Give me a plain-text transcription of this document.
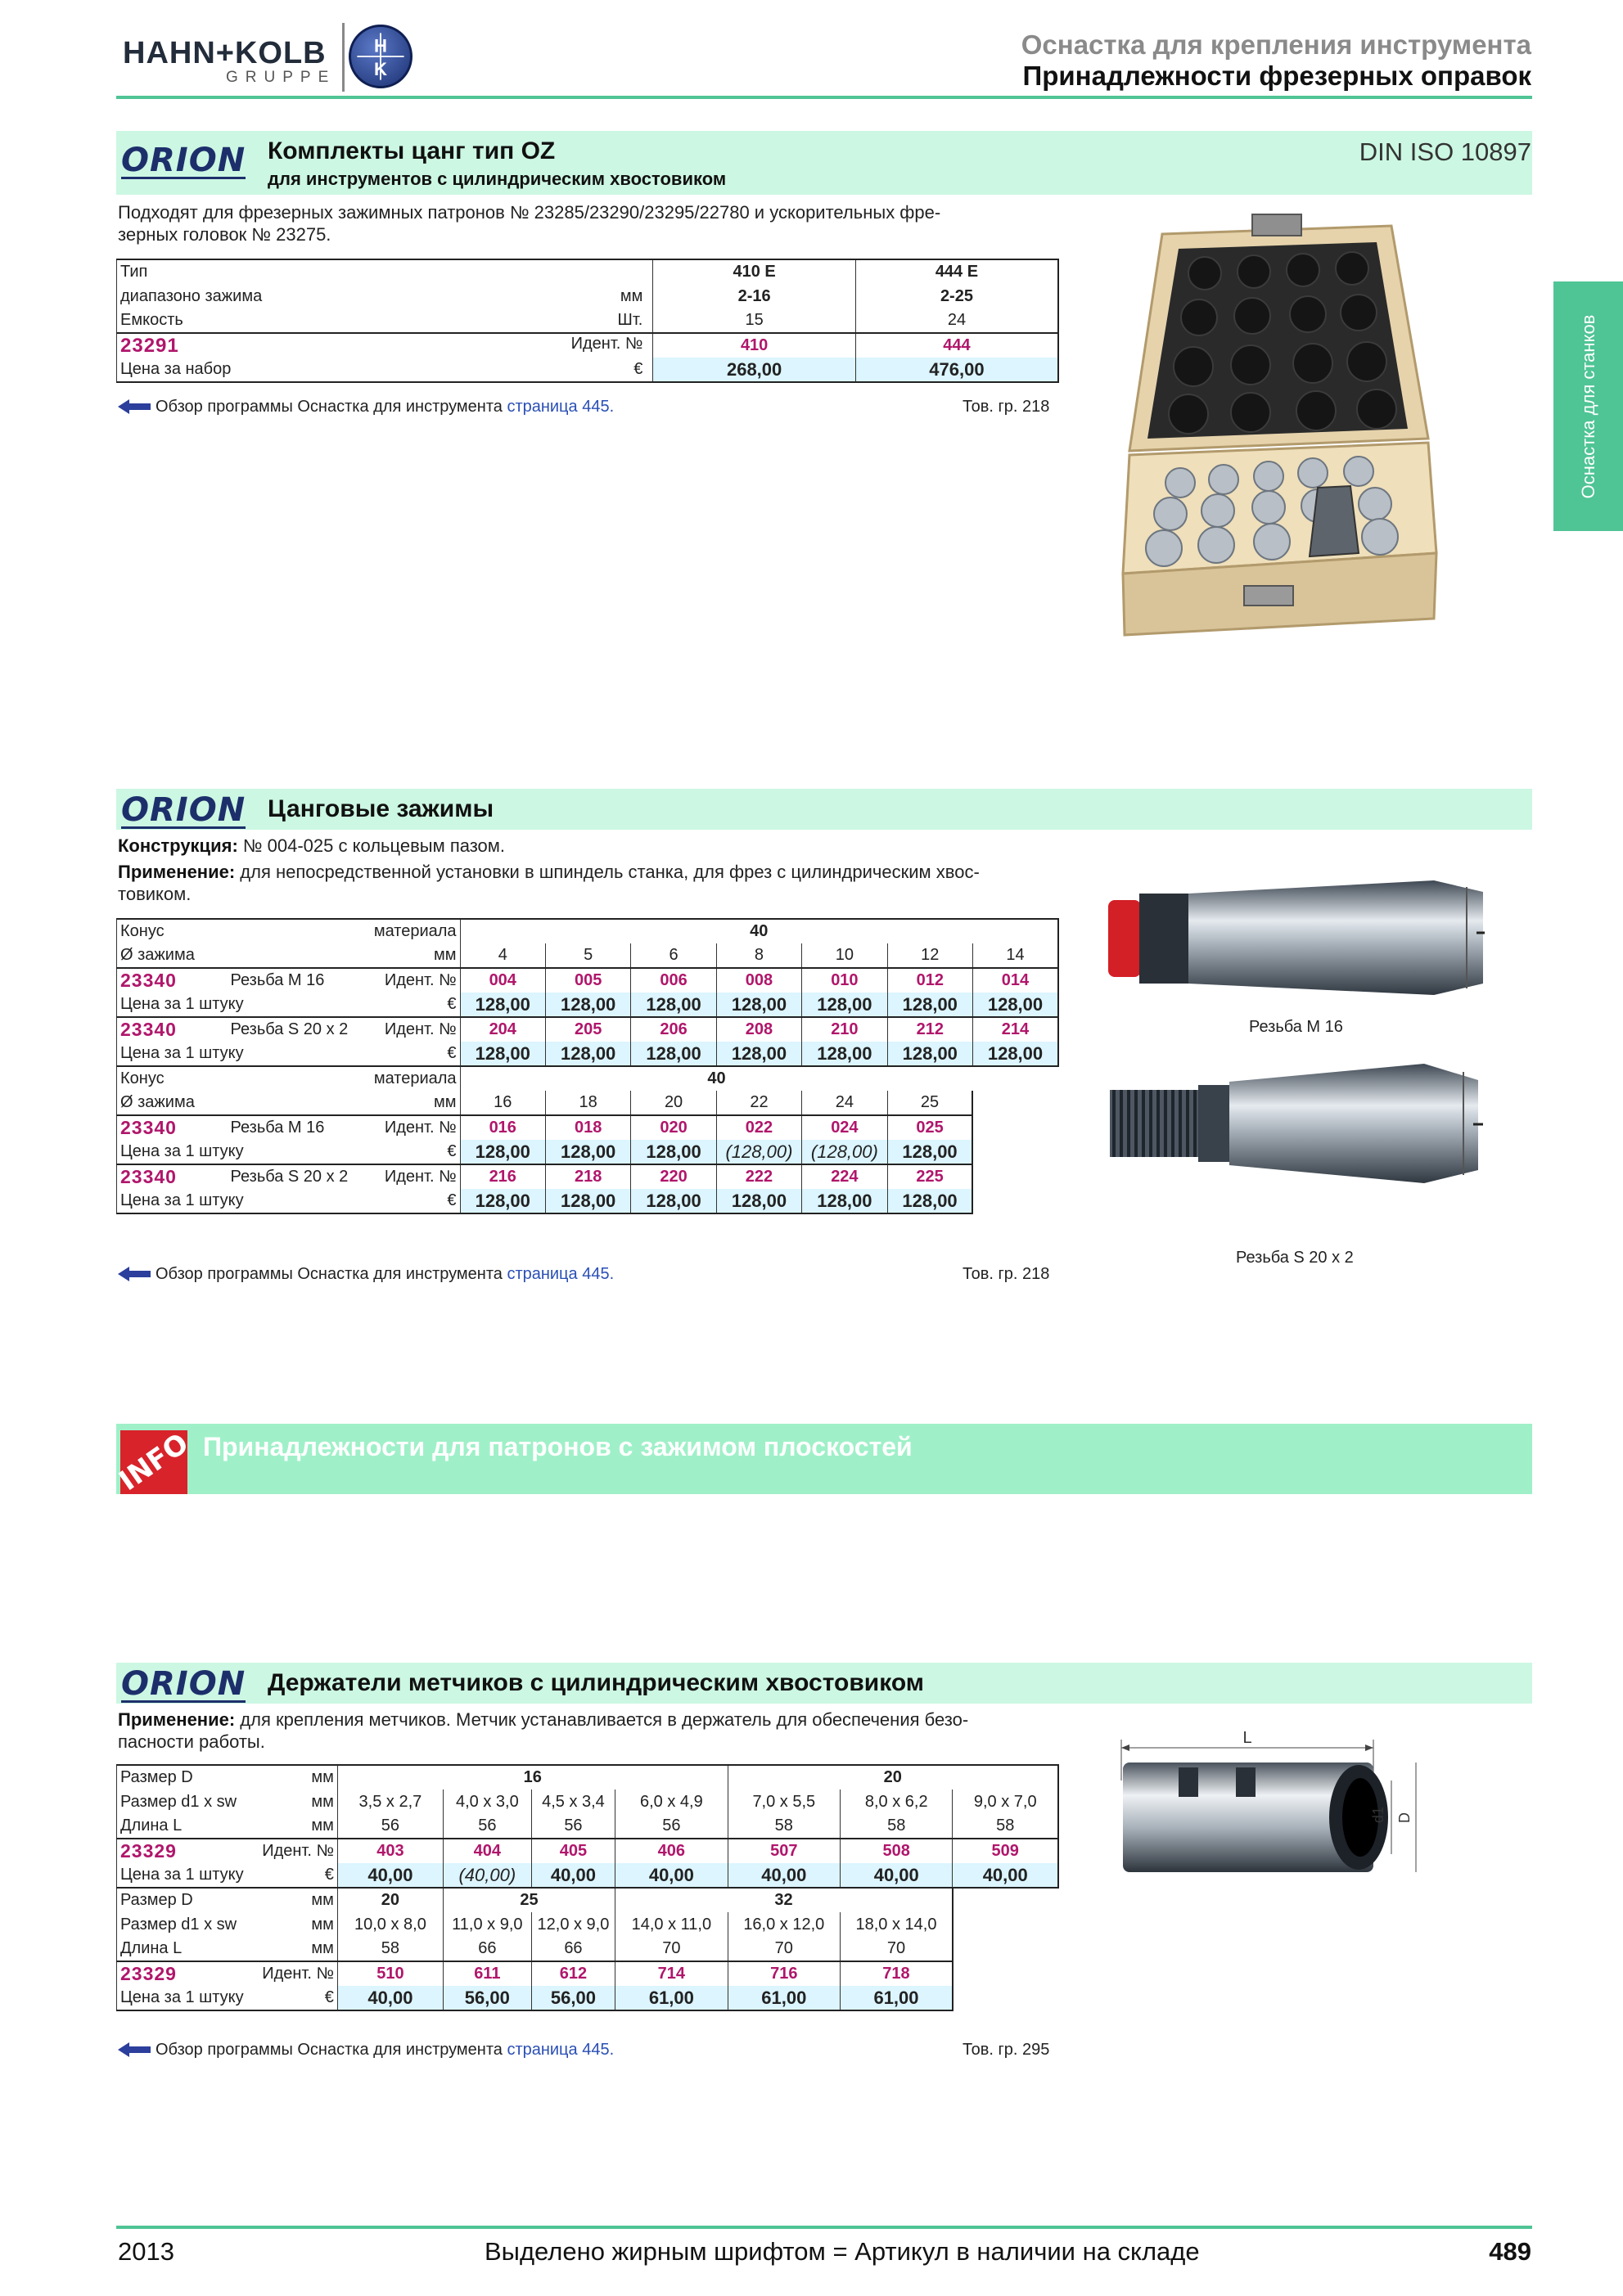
HAHN+KOLB
GRUPPE
H
K
Оснастка для крепления инструмента
Принадлежности фрезерных оправок
Оснастка для станков
ORION Комплекты цанг тип OZ
для инструментов с цилиндрическим хвостовиком
DIN ISO 10897
Подходят для фрезерных зажимных патронов № 23285/23290/23295/22780 и ускорительных фре-
зерных головок № 23275.
Тип		410 E	444 E
диапазоно зажима мм		2-16	2-25
Емкость Шт.		15	24
23291 Идент. №		410	444
Цена за набор €		268,00	476,00
Обзор программы Оснастка для инструмента страница 445.	Тов. гр. 218
ORION Цанговые зажимы
Конструкция: № 004-025 с кольцевым пазом.
Применение: для непосредственной установки в шпиндель станка, для фрез с цилиндрическим хвос-
товиком.
Конус		материала	40						
Ø зажима		мм	4	5	6	8	10	12	14
23340	Резьба M 16	Идент. №	004	005	006	008	010	012	014
Цена за 1 штуку		€	128,00	128,00	128,00	128,00	128,00	128,00	128,00
23340	Резьба S 20 x 2	Идент. №	204	205	206	208	210	212	214
Цена за 1 штуку		€	128,00	128,00	128,00	128,00	128,00	128,00	128,00
Конус		материала	40						
Ø зажима		мм	16	18	20	22	24	25	
23340	Резьба M 16	Идент. №	016	018	020	022	024	025	
Цена за 1 штуку		€	128,00	128,00	128,00	(128,00)	(128,00)	128,00	
23340	Резьба S 20 x 2	Идент. №	216	218	220	222	224	225	
Цена за 1 штуку		€	128,00	128,00	128,00	128,00	128,00	128,00	
Обзор программы Оснастка для инструмента страница 445.	Тов. гр. 218
Резьба M 16
Резьба S 20 x 2
INFO Принадлежности для патронов с зажимом плоскостей
ORION Держатели метчиков с цилиндрическим хвостовиком
Применение: для крепления метчиков. Метчик устанавливается в держатель для обеспечения безо-
пасности работы.
Размер D	мм	16				20		
Размер d1 x sw	мм	3,5 x 2,7	4,0 x 3,0	4,5 x 3,4	6,0 x 4,9	7,0 x 5,5	8,0 x 6,2	9,0 x 7,0
Длина L	мм	56	56	56	56	58	58	58
23329	Идент. №	403	404	405	406	507	508	509
Цена за 1 штуку	€	40,00	(40,00)	40,00	40,00	40,00	40,00	40,00
Размер D	мм	20	25		32			
Размер d1 x sw	мм	10,0 x 8,0	11,0 x 9,0	12,0 x 9,0	14,0 x 11,0	16,0 x 12,0	18,0 x 14,0	
Длина L	мм	58	66	66	70	70	70	
23329	Идент. №	510	611	612	714	716	718	
Цена за 1 штуку	€	40,00	56,00	56,00	61,00	61,00	61,00	
Обзор программы Оснастка для инструмента страница 445.	Тов. гр. 295
L
d1 D
2013	Выделено жирным шрифтом = Артикул в наличии на складе	489
